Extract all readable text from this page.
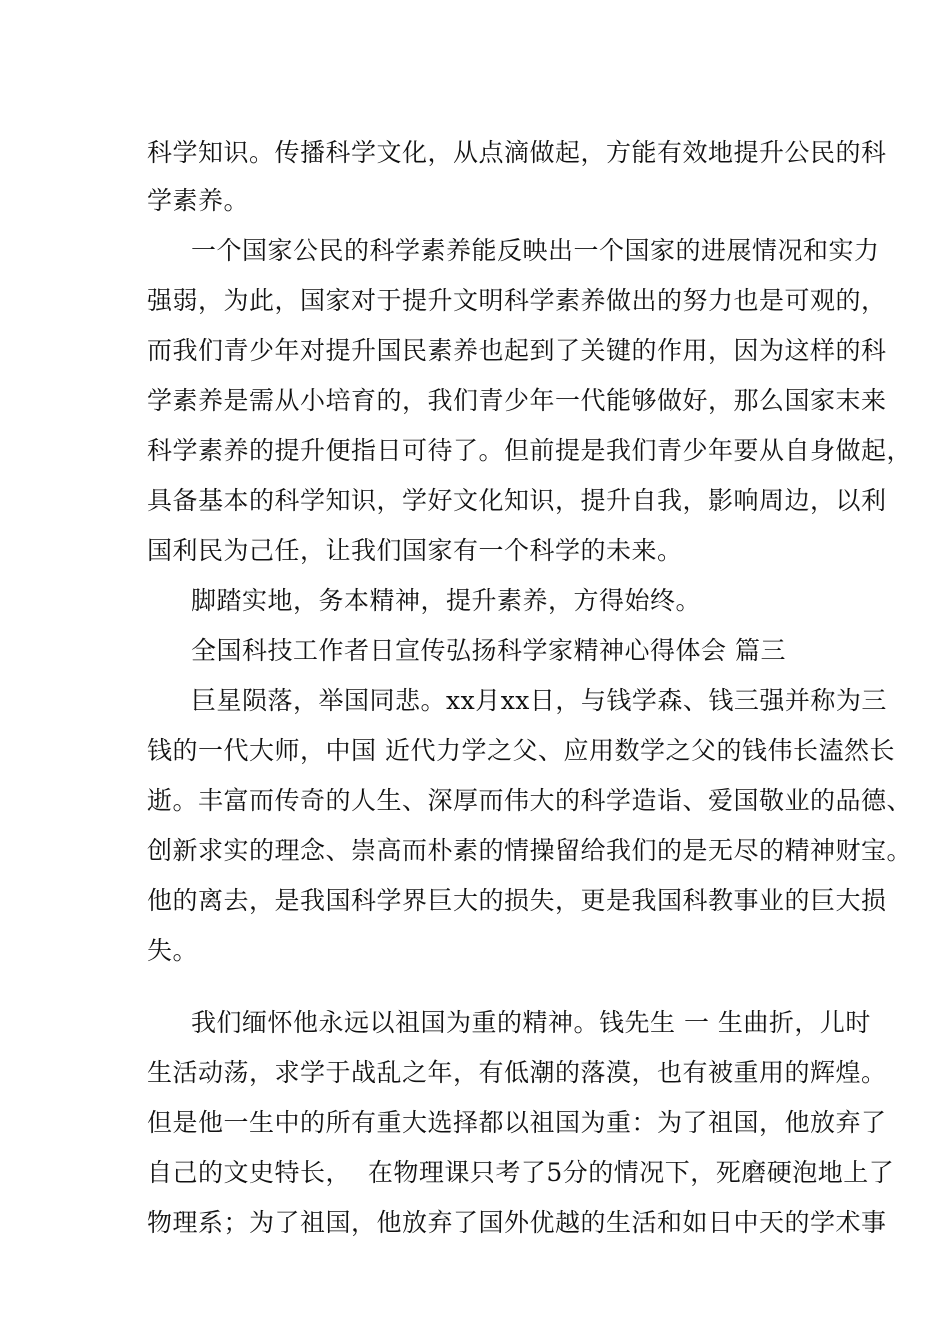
科学知识。传播科学文化，从点滴做起，方能有效地提升公民的科
学素养。
一个国家公民的科学素养能反映出一个国家的进展情况和实力
强弱，为此，国家对于提升文明科学素养做出的努力也是可观的，
而我们青少年对提升国民素养也起到了关键的作用，因为这样的科
学素养是需从小培育的，我们青少年一代能够做好，那么国家末来
科学素养的提升便指日可待了。但前提是我们青少年要从自身做起，
具备基本的科学知识，学好文化知识，提升自我，影响周边，以利
国利民为己任，让我们国家有一个科学的未来。
脚踏实地，务本精神，提升素养，方得始终。
全国科技工作者日宣传弘扬科学家精神心得体会 篇三
巨星陨落，举国同悲。xx月xx日，与钱学森、钱三强并称为三
钱的一代大师，中国 近代力学之父、应用数学之父的钱伟长溘然长
逝。丰富而传奇的人生、深厚而伟大的科学造诣、爱国敬业的品德、
创新求实的理念、崇高而朴素的情操留给我们的是无尽的精神财宝。
他的离去，是我国科学界巨大的损失，更是我国科教事业的巨大损
失。
我们缅怀他永远以祖国为重的精神。钱先生 一 生曲折，儿时
生活动荡，求学于战乱之年，有低潮的落漠，也有被重用的辉煌。
但是他一生中的所有重大选择都以祖国为重：为了祖国，他放弃了
自己的文史特长，  在物理课只考了5分的情况下，死磨硬泡地上了
物理系；为了祖国，他放弃了国外优越的生活和如日中天的学术事
